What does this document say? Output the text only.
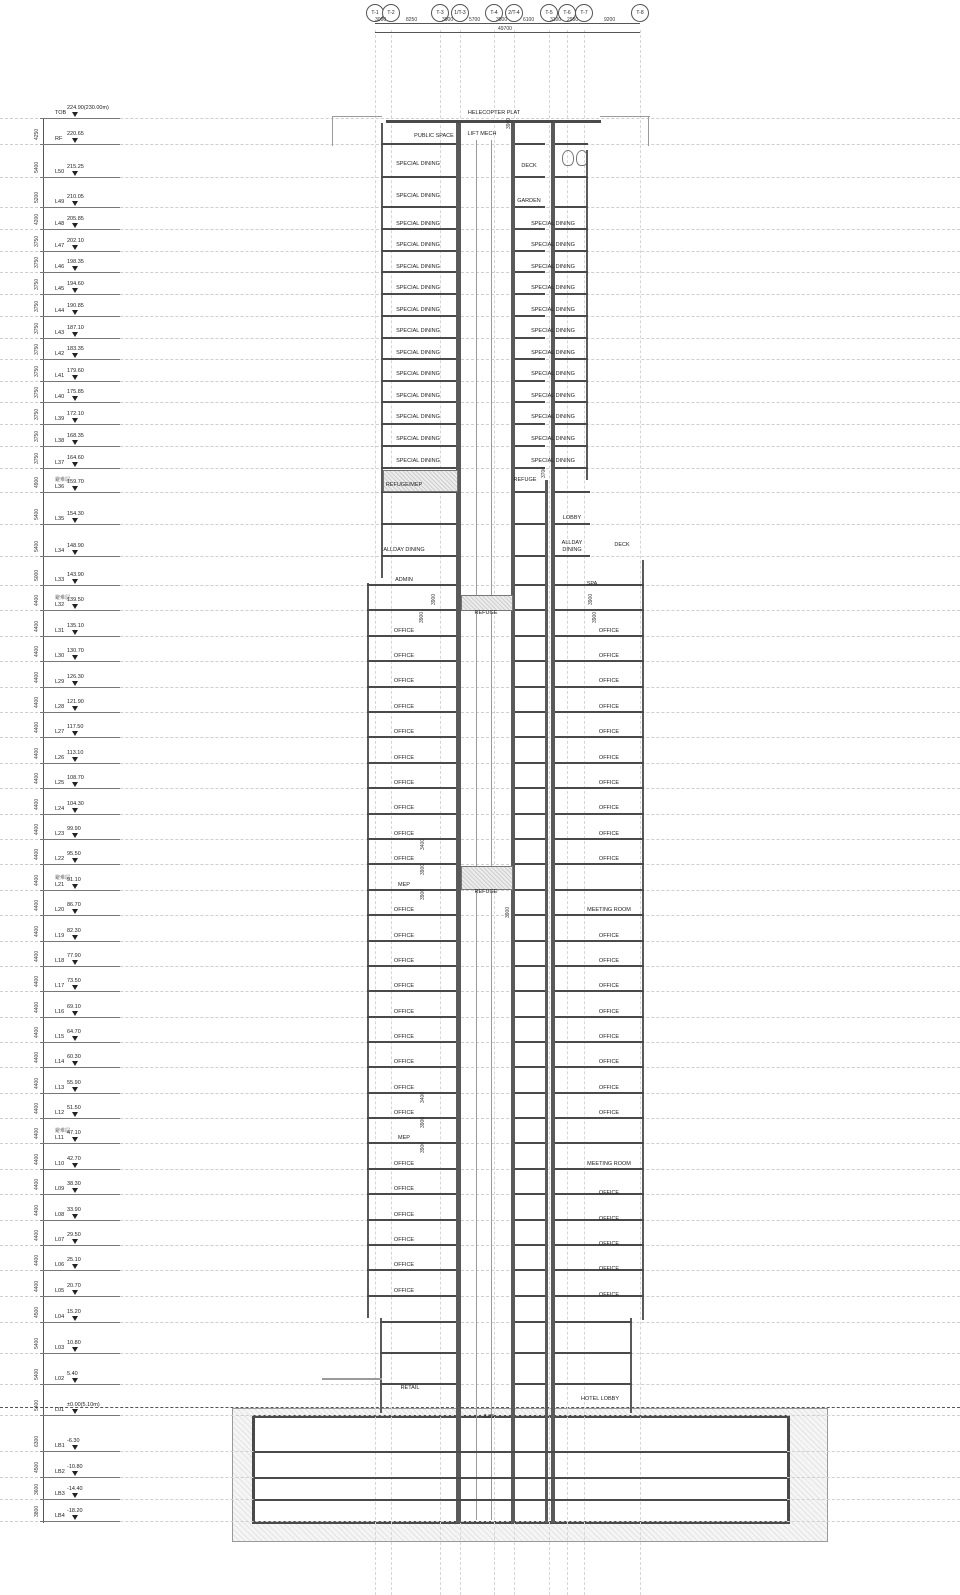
T-1	T-2	T-3	1/T-3	T-4	2/T-4	T-5	T-6	T-7	T-8
3000	8250	3900	5700	3500	6100	3100 2950	9200
49700
TOB
224.90(230.00m)
RF
220.65
4250
L50
215.25
5400
L49
210.05
5200
L48
205.85
4200
L47
202.10
3750
L46
198.35
3750
L45
194.60
3750
L44
190.85
3750
L43
187.10
3750
L42
183.35
3750
L41
179.60
3750
L40
175.85
3750
L39
172.10
3750
L38
168.35
3750
L37
164.60
3750
L36
159.70
4900	避难层
L35
154.30
5400
L34
148.90
5400
L33
143.90
5000
L32
139.50
4400	避难层
L31
135.10
4400
L30
130.70
4400
L29
126.30
4400
L28
121.90
4400
L27
117.50
4400
L26
113.10
4400
L25
108.70
4400
L24
104.30
4400
L23
99.90
4400
L22
95.50
4400
L21
91.10
4400	避难层
L20
86.70
4400
L19
82.30
4400
L18
77.90
4400
L17
73.50
4400
L16
69.10
4400
L15
64.70
4400
L14
60.30
4400
L13
55.90
4400
L12
51.50
4400
L11
47.10
4400	避难层
L10
42.70
4400
L09
38.30
4400
L08
33.90
4400
L07
29.50
4400
L06
25.10
4400
L05
20.70
4400
L04
15.20
4500
L03
10.80
5400
L02
5.40
5400
L01
±0.00(5.10m)
5400
LB1
-6.30
6300
LB2
-10.80
4500
LB3
-14.40
3600
LB4
-18.20
3800
HELECOPTER PLAT
LIFT MECH
PUBLIC SPACE
DECK
GARDEN
SPECIAL DINING
SPECIAL DINING
SPECIAL DINING
SPECIAL DINING
SPECIAL DINING
SPECIAL DINING
SPECIAL DINING
SPECIAL DINING
SPECIAL DINING
SPECIAL DINING
SPECIAL DINING
SPECIAL DINING
SPECIAL DINING
SPECIAL DINING
REFUGE/MEP
ALLDAY DINING
ADMIN
OFFICE
OFFICE
OFFICE
OFFICE
OFFICE
OFFICE
OFFICE
OFFICE
OFFICE
OFFICE
MEP
OFFICE
OFFICE
OFFICE
OFFICE
OFFICE
OFFICE
OFFICE
OFFICE
OFFICE
MEP
OFFICE
OFFICE
OFFICE
OFFICE
OFFICE
OFFICE
RETAIL
SPECIAL DINING
SPECIAL DINING
SPECIAL DINING
SPECIAL DINING
SPECIAL DINING
SPECIAL DINING
SPECIAL DINING
SPECIAL DINING
SPECIAL DINING
SPECIAL DINING
SPECIAL DINING
SPECIAL DINING
LOBBY
ALLDAY
DINING
SPA
OFFICE
OFFICE
OFFICE
OFFICE
OFFICE
OFFICE
OFFICE
OFFICE
OFFICE
OFFICE
MEETING ROOM
OFFICE
OFFICE
OFFICE
OFFICE
OFFICE
OFFICE
OFFICE
OFFICE
MEETING ROOM
OFFICE
OFFICE
OFFICE
OFFICE
OFFICE
HOTEL LOBBY
REFUGE
REFUGE
REFUGE
DECK
-3.05
3900	3900
3900	3900
3400
3900
3900
3900
3400
3900
3900
3700
3900
